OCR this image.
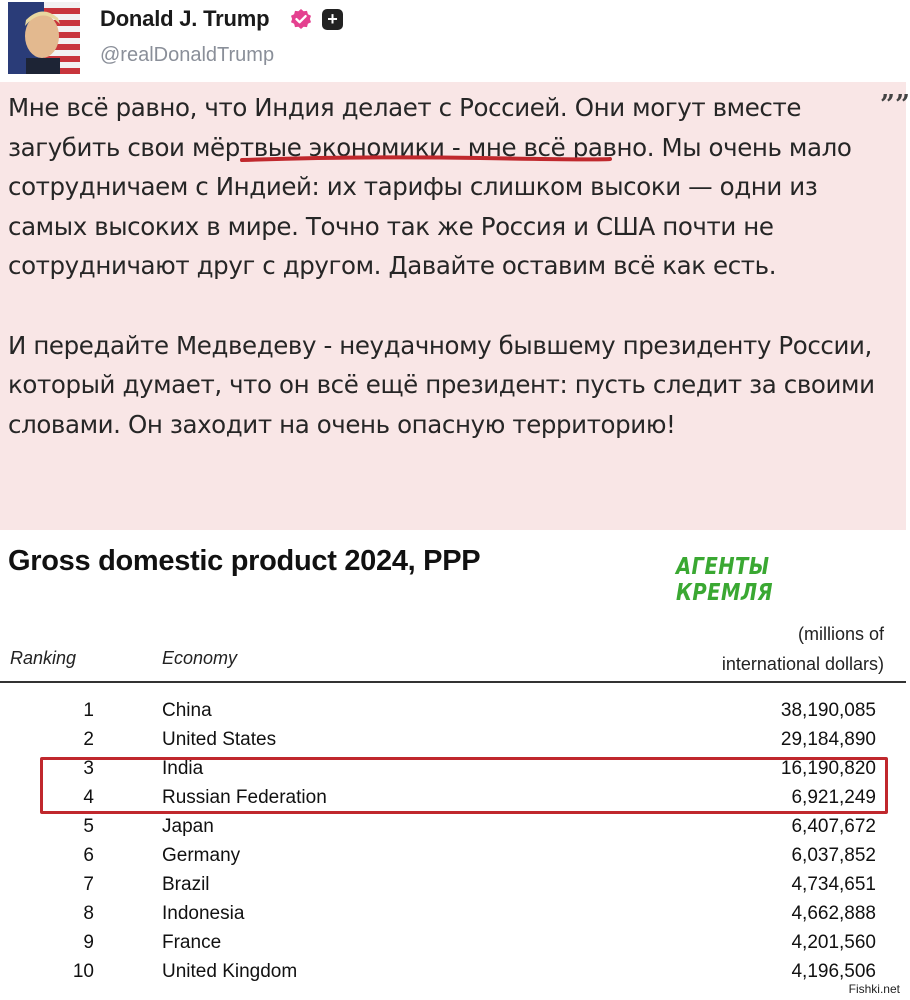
Donald J. Trump	+
@realDonaldTrump

Мне всё равно, что Индия делает с Россией. Они могут вместе загубить свои мёртвые экономики - мне всё равно. Мы очень мало сотрудничаем с Индией: их тарифы слишком высоки — одни из самых высоких в мире. Точно так же Россия и США почти не сотрудничают друг с другом. Давайте оставим всё как есть.

И передайте Медведеву - неудачному бывшему президенту России, который думает, что он всё ещё президент: пусть следит за своими словами. Он заходит на очень опасную территорию!

””
Gross domestic product 2024, PPP	АГЕНТЫ КРЕМЛЯ
Ranking	Economy
(millions of
international dollars)
1	China	38,190,085
2	United States	29,184,890
3	India	16,190,820
4	Russian Federation	6,921,249
5	Japan	6,407,672
6	Germany	6,037,852
7	Brazil	4,734,651
8	Indonesia	4,662,888
9	France	4,201,560
10	United Kingdom	4,196,506
Fishki.net
